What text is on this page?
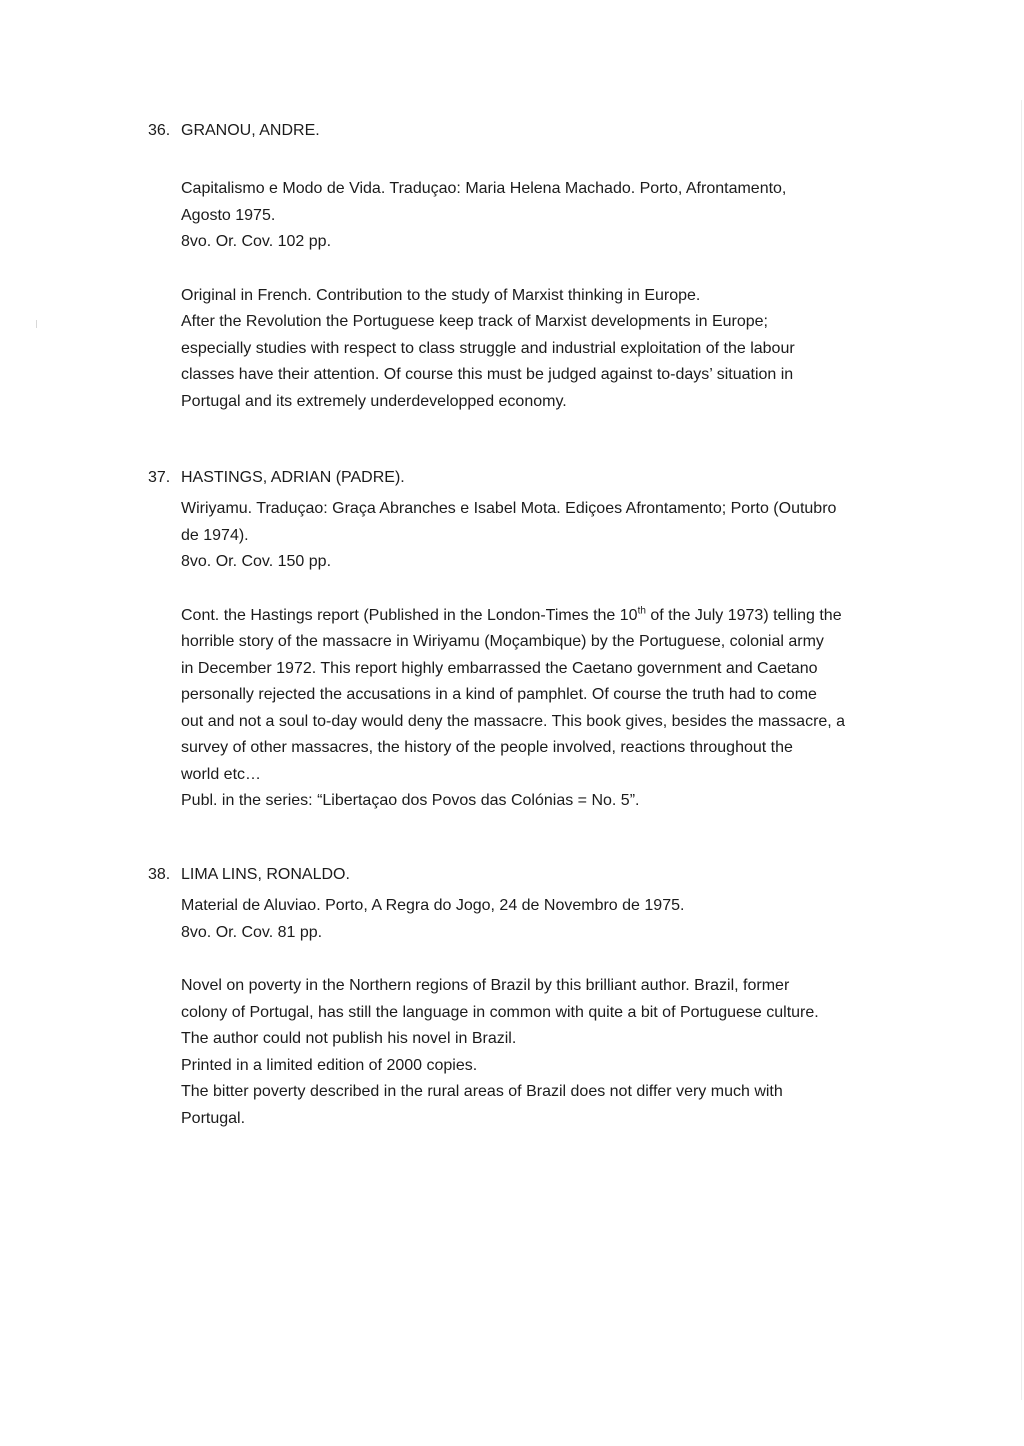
36. GRANOU, ANDRE.
Capitalismo e Modo de Vida. Traduçao: Maria Helena Machado. Porto, Afrontamento,
Agosto 1975.
8vo. Or. Cov. 102 pp.
Original in French. Contribution to the study of Marxist thinking in Europe.
After the Revolution the Portuguese keep track of Marxist developments in Europe;
especially studies with respect to class struggle and industrial exploitation of the labour
classes have their attention. Of course this must be judged against to-days’ situation in
Portugal and its extremely underdevelopped economy.
37. HASTINGS, ADRIAN (PADRE).
Wiriyamu. Traduçao: Graça Abranches e Isabel Mota. Ediçoes Afrontamento; Porto (Outubro
de 1974).
8vo. Or. Cov. 150 pp.
Cont. the Hastings report (Published in the London-Times the 10th of the July 1973) telling the
horrible story of the massacre in Wiriyamu (Moçambique) by the Portuguese, colonial army
in December 1972. This report highly embarrassed the Caetano government and Caetano
personally rejected the accusations in a kind of pamphlet. Of course the truth had to come
out and not a soul to-day would deny the massacre. This book gives, besides the massacre, a
survey of other massacres, the history of the people involved, reactions throughout the
world etc…
Publ. in the series: “Libertaçao dos Povos das Colónias = No. 5”.
38. LIMA LINS, RONALDO.
Material de Aluviao. Porto, A Regra do Jogo, 24 de Novembro de 1975.
8vo. Or. Cov. 81 pp.
Novel on poverty in the Northern regions of Brazil by this brilliant author. Brazil, former
colony of Portugal, has still the language in common with quite a bit of Portuguese culture.
The author could not publish his novel in Brazil.
Printed in a limited edition of 2000 copies.
The bitter poverty described in the rural areas of Brazil does not differ very much with
Portugal.
